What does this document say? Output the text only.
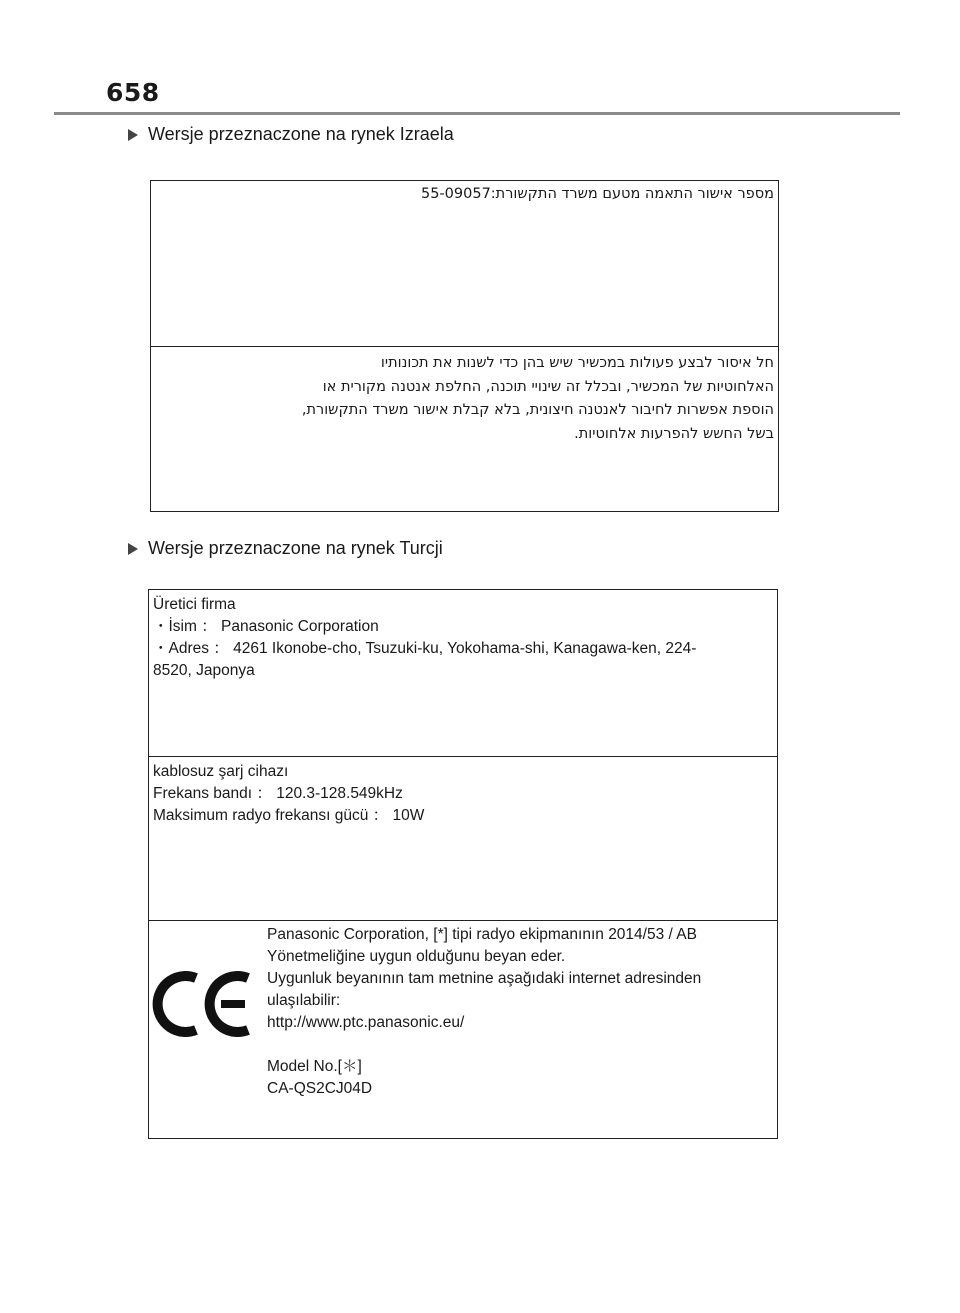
658
Wersje przeznaczone na rynek Izraela
מספר אישור התאמה מטעם משרד התקשורת:55-09057
חל איסור לבצע פעולות במכשיר שיש בהן כדי לשנות את תכונותיו
האלחוטיות של המכשיר, ובכלל זה שינויי תוכנה, החלפת אנטנה מקורית או
הוספת אפשרות לחיבור לאנטנה חיצונית, בלא קבלת אישור משרד התקשורת,
בשל החשש להפרעות אלחוטיות.
Wersje przeznaczone na rynek Turcji
Üretici firma
・İsim ： Panasonic Corporation
・Adres ： 4261 Ikonobe-cho, Tsuzuki-ku, Yokohama-shi, Kanagawa-ken, 224-
8520, Japonya
kablosuz şarj cihazı
Frekans bandı ： 120.3-128.549kHz
Maksimum radyo frekansı gücü ： 10W
Panasonic Corporation, [*] tipi radyo ekipmanının 2014/53 / AB
Yönetmeliğine uygun olduğunu beyan eder.
Uygunluk beyanının tam metnine aşağıdaki internet adresinden
ulaşılabilir:
http://www.ptc.panasonic.eu/
Model No.[＊]
CA-QS2CJ04D
